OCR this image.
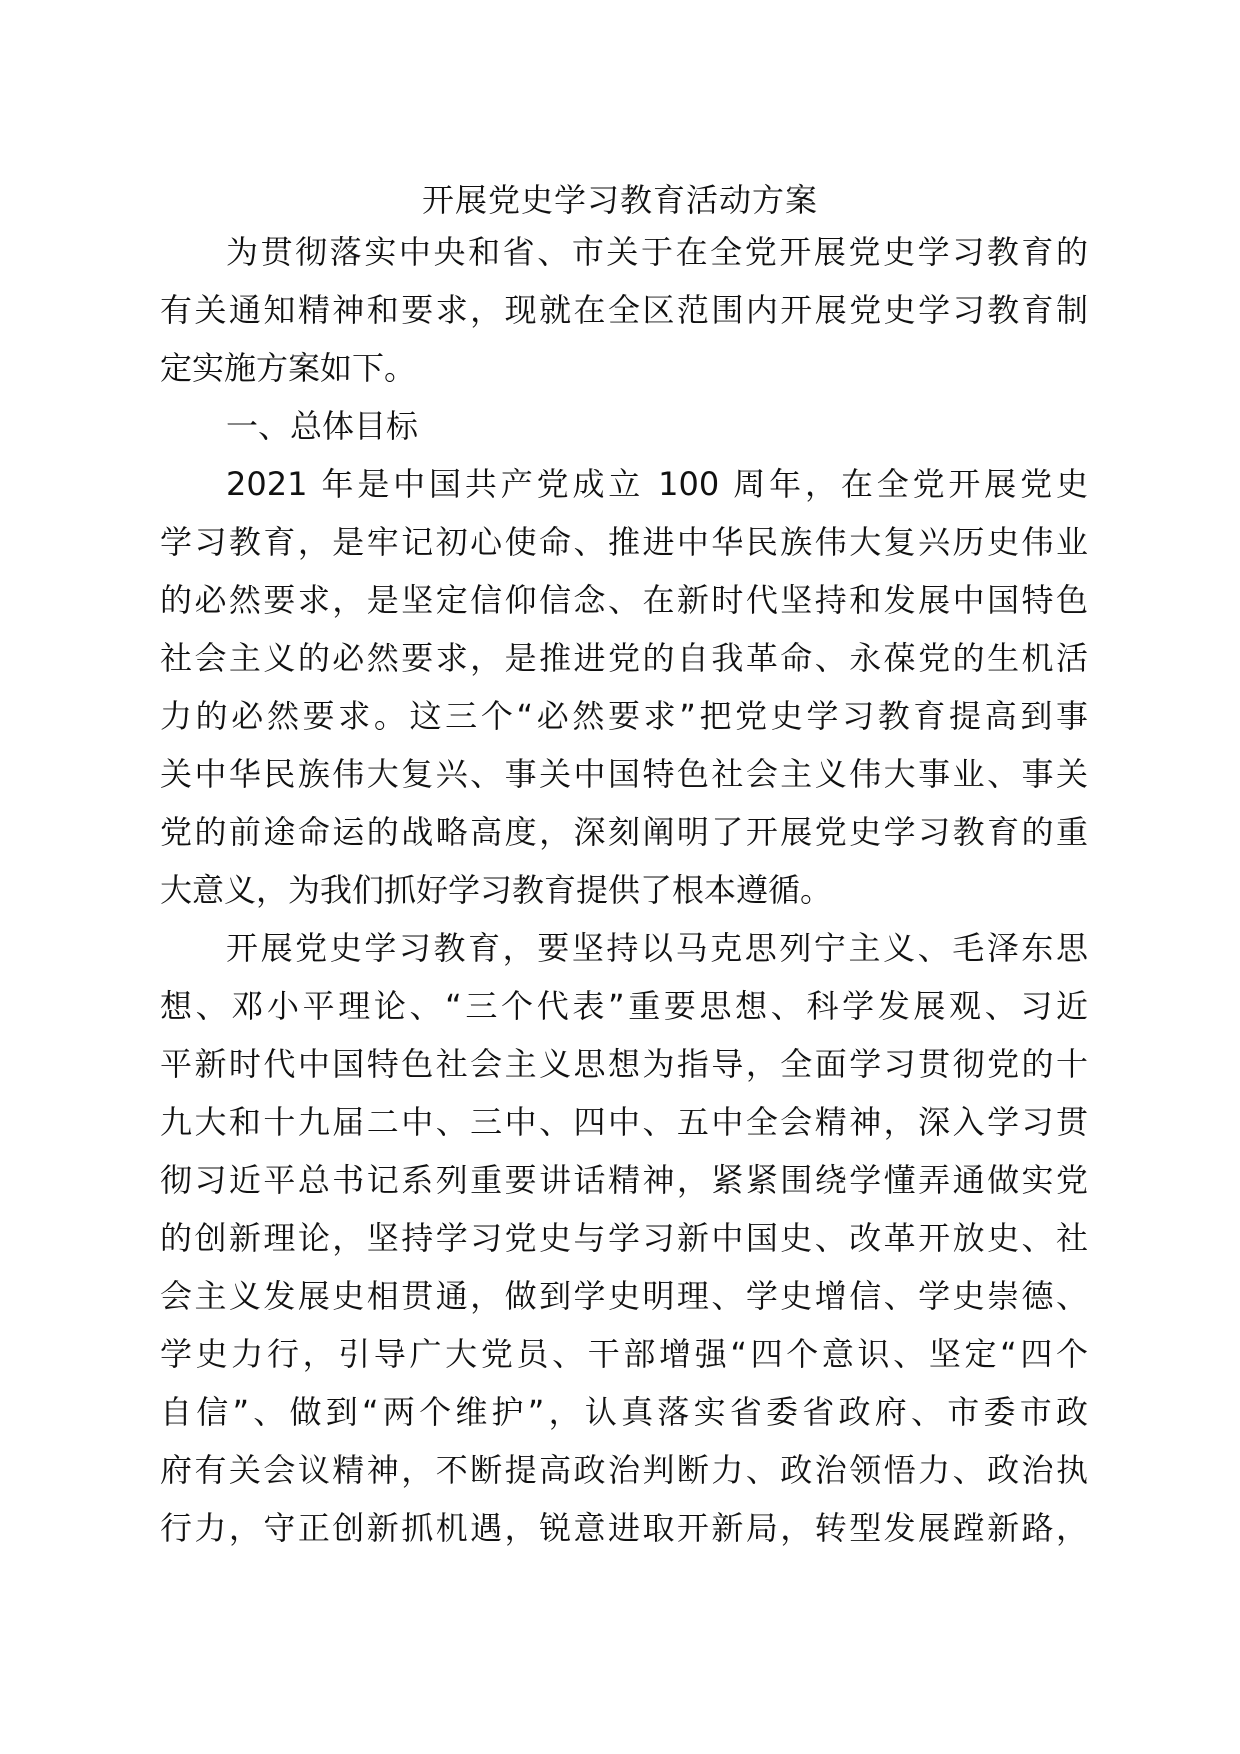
开展党史学习教育活动方案

为贯彻落实中央和省、市关于在全党开展党史学习教育的

有关通知精神和要求，现就在全区范围内开展党史学习教育制

定实施方案如下。

一、总体目标

2021 年是中国共产党成立 100 周年，在全党开展党史

学习教育，是牢记初心使命、推进中华民族伟大复兴历史伟业

的必然要求，是坚定信仰信念、在新时代坚持和发展中国特色

社会主义的必然要求，是推进党的自我革命、永葆党的生机活

力的必然要求。这三个“必然要求”把党史学习教育提高到事

关中华民族伟大复兴、事关中国特色社会主义伟大事业、事关

党的前途命运的战略高度，深刻阐明了开展党史学习教育的重

大意义，为我们抓好学习教育提供了根本遵循。

开展党史学习教育，要坚持以马克思列宁主义、毛泽东思

想、邓小平理论、“三个代表”重要思想、科学发展观、习近

平新时代中国特色社会主义思想为指导，全面学习贯彻党的十

九大和十九届二中、三中、四中、五中全会精神，深入学习贯

彻习近平总书记系列重要讲话精神，紧紧围绕学懂弄通做实党

的创新理论，坚持学习党史与学习新中国史、改革开放史、社

会主义发展史相贯通，做到学史明理、学史增信、学史崇德、

学史力行，引导广大党员、干部增强“四个意识、坚定“四个

自信”、做到“两个维护”，认真落实省委省政府、市委市政

府有关会议精神，不断提高政治判断力、政治领悟力、政治执

行力，守正创新抓机遇，锐意进取开新局，转型发展蹚新路，
